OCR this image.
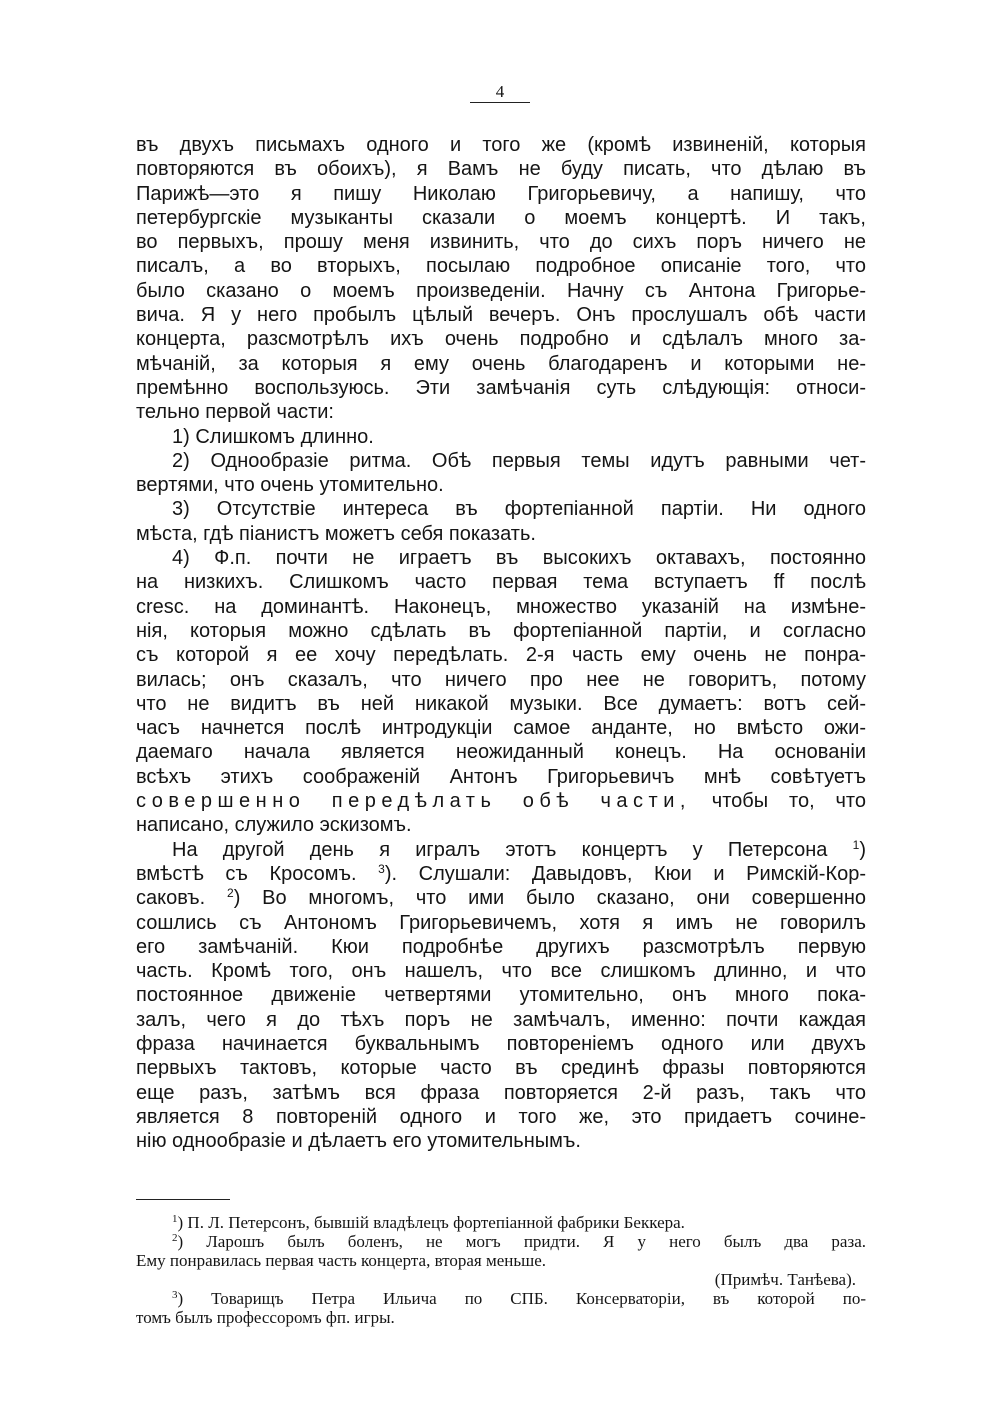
4
въ двухъ письмахъ одного и того же (кромѣ извиненій, которыя
повторяются въ обоихъ), я Вамъ не буду писать, что дѣлаю въ
Парижѣ—это я пишу Николаю Григорьевичу, а напишу, что
петербургскіе музыканты сказали о моемъ концертѣ. И такъ,
во первыхъ, прошу меня извинить, что до сихъ поръ ничего не
писалъ, а во вторыхъ, посылаю подробное описаніе того, что
было сказано о моемъ произведеніи. Начну съ Антона Григорье-
вича. Я у него пробылъ цѣлый вечеръ. Онъ прослушалъ обѣ части
концерта, разсмотрѣлъ ихъ очень подробно и сдѣлалъ много за-
мѣчаній, за которыя я ему очень благодаренъ и которыми не-
премѣнно воспользуюсь. Эти замѣчанія суть слѣдующія: относи-
тельно первой части:
1) Слишкомъ длинно.
2) Однообразіе ритма. Обѣ первыя темы идутъ равными чет-
вертями, что очень утомительно.
3) Отсутствіе интереса въ фортепіанной партіи. Ни одного
мѣста, гдѣ піанистъ можетъ себя показать.
4) Ф.п. почти не играетъ въ высокихъ октавахъ, постоянно
на низкихъ. Слишкомъ часто первая тема вступаетъ ff послѣ
cresc. на доминантѣ. Наконецъ, множество указаній на измѣне-
нія, которыя можно сдѣлать въ фортепіанной партіи, и согласно
съ которой я ее хочу передѣлать. 2-я часть ему очень не понра-
вилась; онъ сказалъ, что ничего про нее не говоритъ, потому
что не видитъ въ ней никакой музыки. Все думаетъ: вотъ сей-
часъ начнется послѣ интродукціи самое анданте, но вмѣсто ожи-
даемаго начала является неожиданный конецъ. На основаніи
всѣхъ этихъ соображеній Антонъ Григорьевичъ мнѣ совѣтуетъ
совершенно передѣлать обѣ части, чтобы то, что
написано, служило эскизомъ.
На другой день я игралъ этотъ концертъ у Петерсона $^1$)
вмѣстѣ съ Кросомъ. $^3$). Слушали: Давыдовъ, Кюи и Римскій-Кор-
саковъ. $^2$) Во многомъ, что ими было сказано, они совершенно
сошлись съ Антономъ Григорьевичемъ, хотя я имъ не говорилъ
его замѣчаній. Кюи подробнѣе другихъ разсмотрѣлъ первую
часть. Кромѣ того, онъ нашелъ, что все слишкомъ длинно, и что
постоянное движеніе четвертями утомительно, онъ много пока-
залъ, чего я до тѣхъ поръ не замѣчалъ, именно: почти каждая
фраза начинается буквальнымъ повтореніемъ одного или двухъ
первыхъ тактовъ, которые часто въ срединѣ фразы повторяются
еще разъ, затѣмъ вся фраза повторяется 2-й разъ, такъ что
является 8 повтореній одного и того же, это придаетъ сочине-
нію однообразіе и дѣлаетъ его утомительнымъ.
$^1$) П. Л. Петерсонъ, бывшій владѣлецъ фортепіанной фабрики Беккера.
$^2$) Ларошъ былъ боленъ, не могъ придти. Я у него былъ два раза.
Ему понравилась первая часть концерта, вторая меньше.
(Примѣч. Танѣева).
$^3$) Товарищъ Петра Ильича по СПБ. Консерваторіи, въ которой по-
томъ былъ профессоромъ фп. игры.
